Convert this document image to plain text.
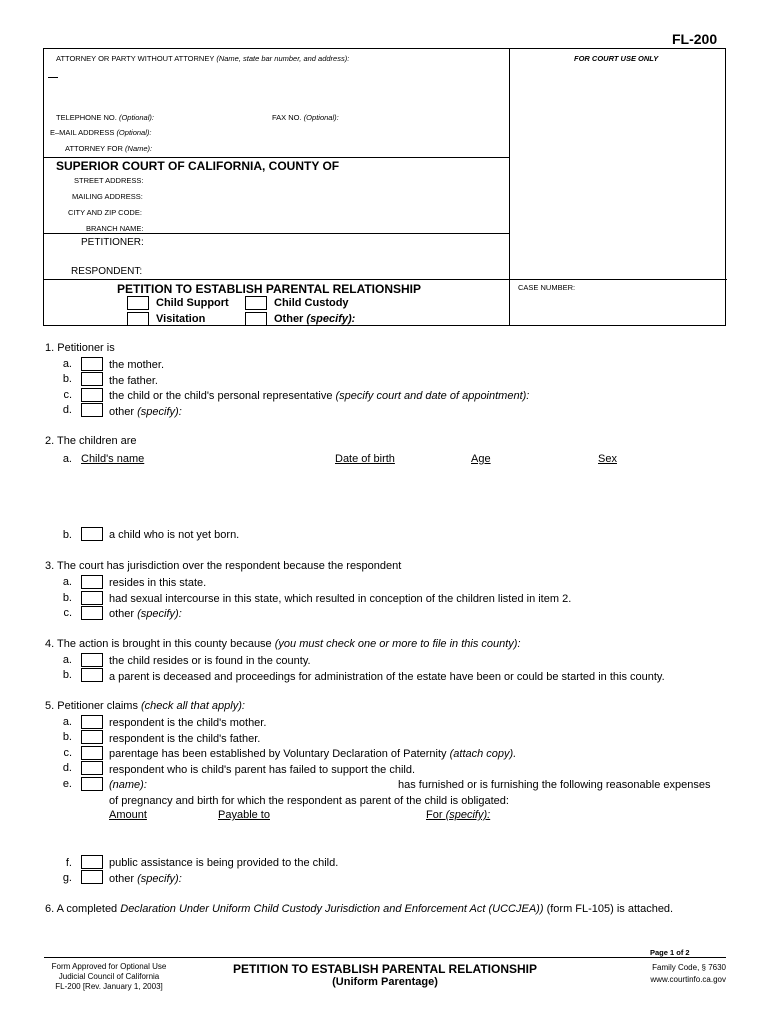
FL-200
ATTORNEY OR PARTY WITHOUT ATTORNEY (Name, state bar number, and address):	FOR COURT USE ONLY
TELEPHONE NO. (Optional):	FAX NO. (Optional):
E–MAIL ADDRESS (Optional):
ATTORNEY FOR (Name):
SUPERIOR COURT OF CALIFORNIA, COUNTY OF
STREET ADDRESS:
MAILING ADDRESS:
CITY AND ZIP CODE:
BRANCH NAME:
PETITIONER:
RESPONDENT:
PETITION TO ESTABLISH PARENTAL RELATIONSHIP	CASE NUMBER:
Child Support	Child Custody
Visitation	Other (specify):
1. Petitioner is
a.	the mother.
b.	the father.
c.	the child or the child's personal representative (specify court and date of appointment):
d.	other (specify):
2. The children are
a. Child's name	Date of birth	Age	Sex
b.	a child who is not yet born.
3. The court has jurisdiction over the respondent because the respondent
a.	resides in this state.
b.	had sexual intercourse in this state, which resulted in conception of the children listed in item 2.
c.	other (specify):
4. The action is brought in this county because (you must check one or more to file in this county):
a.	the child resides or is found in the county.
b.	a parent is deceased and proceedings for administration of the estate have been or could be started in this county.
5. Petitioner claims (check all that apply):
a.	respondent is the child's mother.
b.	respondent is the child's father.
c.	parentage has been established by Voluntary Declaration of Paternity (attach copy).
d.	respondent who is child's parent has failed to support the child.
e.	(name):	has furnished or is furnishing the following reasonable expenses
of pregnancy and birth for which the respondent as parent of the child is obligated:
Amount	Payable to	For (specify):
f.	public assistance is being provided to the child.
g.	other (specify):
6. A completed Declaration Under Uniform Child Custody Jurisdiction and Enforcement Act (UCCJEA)) (form FL-105) is attached.
Page 1 of 2
Form Approved for Optional Use
Judicial Council of California
FL-200 [Rev. January 1, 2003]
PETITION TO ESTABLISH PARENTAL RELATIONSHIP
(Uniform Parentage)
Family Code, § 7630
www.courtinfo.ca.gov
